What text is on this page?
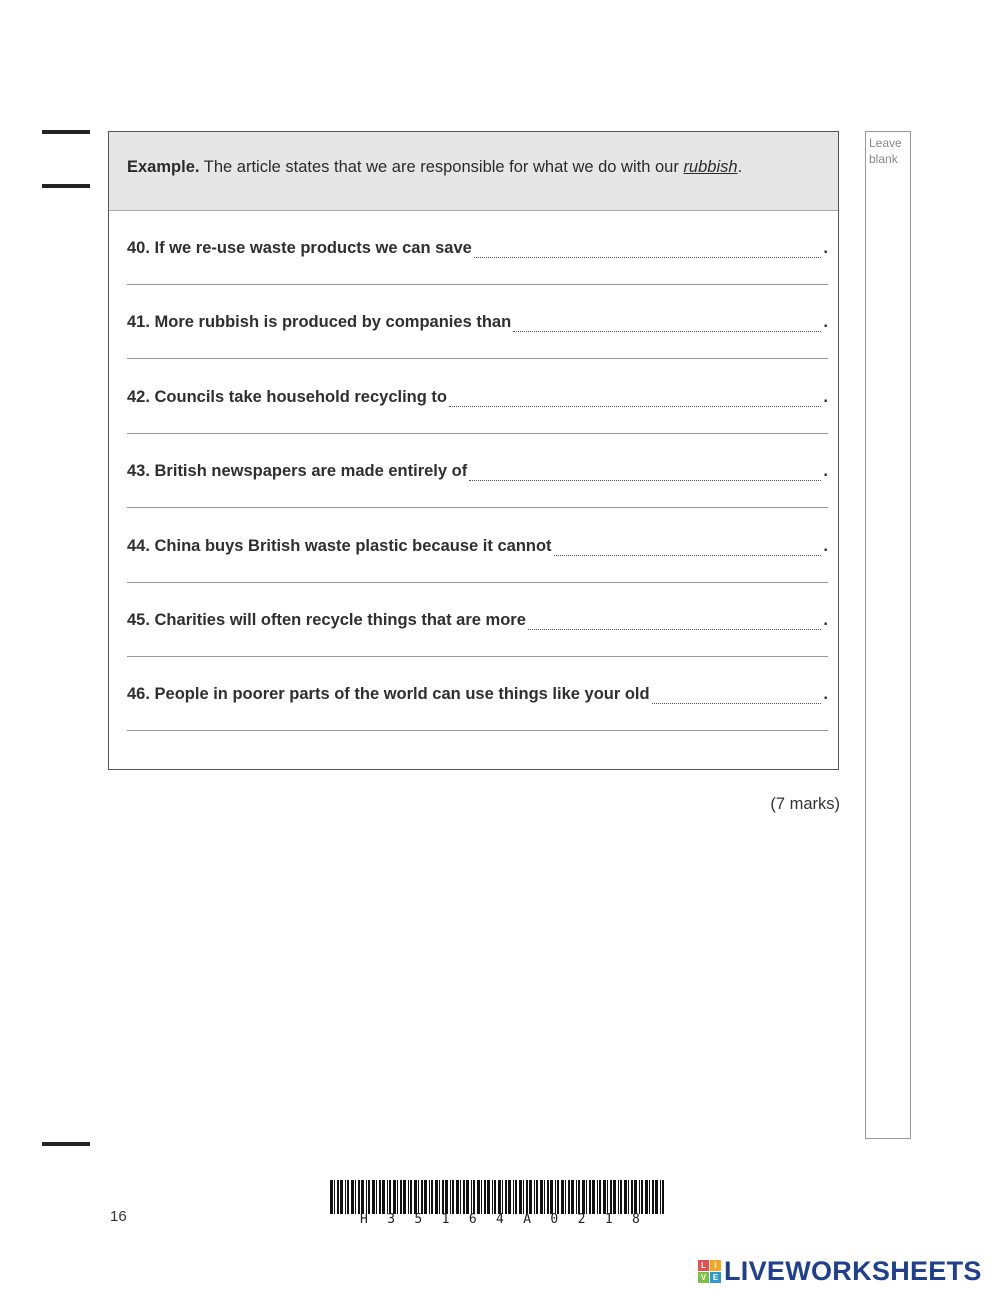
Example. The article states that we are responsible for what we do with our rubbish.
40. If we re-use waste products we can save	.
41. More rubbish is produced by companies than	.
42. Councils take household recycling to	.
43. British newspapers are made entirely of	.
44. China buys British waste plastic because it cannot	.
45. Charities will often recycle things that are more	.
46. People in poorer parts of the world can use things like your old	.
(7 marks)
Leave
blank
16	H 3 5 1 6 4 A 0 2 1 8
L	I
V E LIVEWORKSHEETS
